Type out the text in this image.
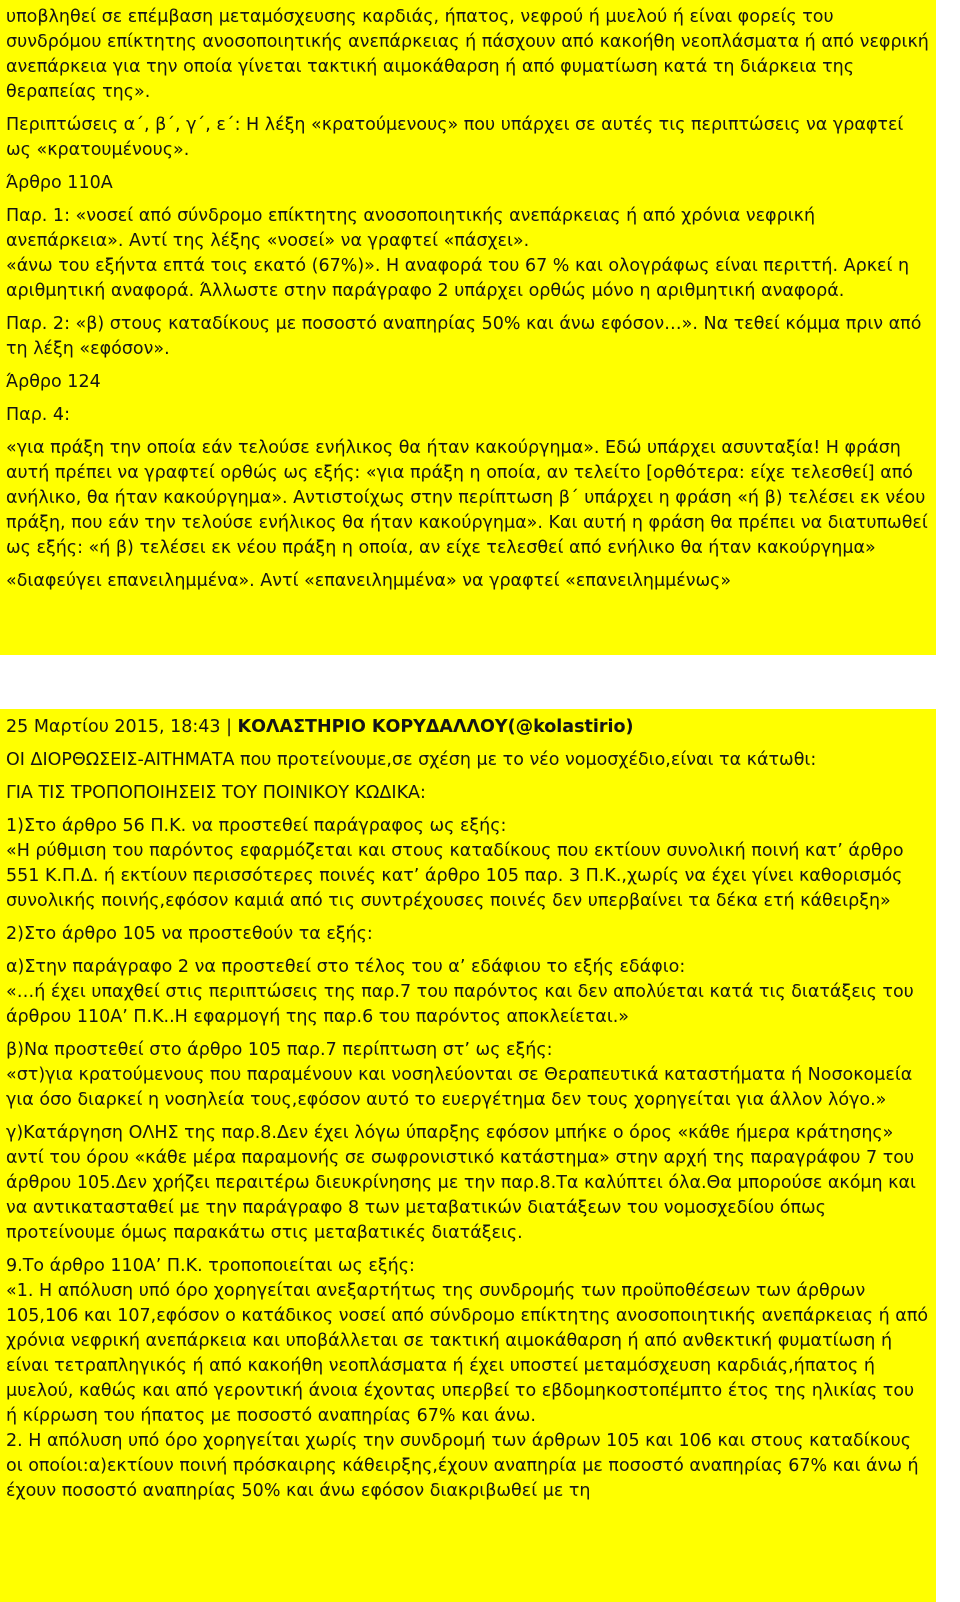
υποβληθεί σε επέμβαση μεταμόσχευσης καρδιάς, ήπατος, νεφρού ή μυελού ή είναι φορείς του συνδρόμου επίκτητης ανοσοποιητικής ανεπάρκειας ή πάσχουν από κακοήθη νεοπλάσματα ή από νεφρική ανεπάρκεια για την οποία γίνεται τακτική αιμοκάθαρση ή από φυματίωση κατά τη διάρκεια της θεραπείας της».

Περιπτώσεις α΄, β΄, γ΄, ε΄: Η λέξη «κρατούμενους» που υπάρχει σε αυτές τις περιπτώσεις να γραφτεί ως «κρατουμένους».

Άρθρο 110Α

Παρ. 1: «νοσεί από σύνδρομο επίκτητης ανοσοποιητικής ανεπάρκειας ή από χρόνια νεφρική ανεπάρκεια». Αντί της λέξης «νοσεί» να γραφτεί «πάσχει».

«άνω του εξήντα επτά τοις εκατό (67%)». Η αναφορά του 67 % και ολογράφως είναι περιττή. Αρκεί η αριθμητική αναφορά. Άλλωστε στην παράγραφο 2 υπάρχει ορθώς μόνο η αριθμητική αναφορά.

Παρ. 2: «β) στους καταδίκους με ποσοστό αναπηρίας 50% και άνω εφόσον…». Να τεθεί κόμμα πριν από τη λέξη «εφόσον».

Άρθρο 124

Παρ. 4:

«για πράξη την οποία εάν τελούσε ενήλικος θα ήταν κακούργημα». Εδώ υπάρχει ασυνταξία! Η φράση αυτή πρέπει να γραφτεί ορθώς ως εξής: «για πράξη η οποία, αν τελείτο [ορθότερα: είχε τελεσθεί] από ανήλικο, θα ήταν κακούργημα». Αντιστοίχως στην περίπτωση β΄ υπάρχει η φράση «ή β) τελέσει εκ νέου πράξη, που εάν την τελούσε ενήλικος θα ήταν κακούργημα». Και αυτή η φράση θα πρέπει να διατυπωθεί ως εξής: «ή β) τελέσει εκ νέου πράξη η οποία, αν είχε τελεσθεί από ενήλικο θα ήταν κακούργημα»

«διαφεύγει επανειλημμένα». Αντί «επανειλημμένα» να γραφτεί «επανειλημμένως»

25 Μαρτίου 2015, 18:43 | ΚΟΛΑΣΤΗΡΙΟ ΚΟΡΥΔΑΛΛΟΥ(@kolastirio)

ΟΙ ΔΙΟΡΘΩΣΕΙΣ-ΑΙΤΗΜΑΤΑ που προτείνουμε,σε σχέση με το νέο νομοσχέδιο,είναι τα κάτωθι:

ΓΙΑ ΤΙΣ ΤΡΟΠΟΠΟΙΗΣΕΙΣ ΤΟΥ ΠΟΙΝΙΚΟΥ ΚΩΔΙΚΑ:

1)Στο άρθρο 56 Π.Κ. να προστεθεί παράγραφος ως εξής:

«Η ρύθμιση του παρόντος εφαρμόζεται και στους καταδίκους που εκτίουν συνολική ποινή κατ’ άρθρο 551 Κ.Π.Δ. ή εκτίουν περισσότερες ποινές κατ’ άρθρο 105 παρ. 3 Π.Κ.,χωρίς να έχει γίνει καθορισμός συνολικής ποινής,εφόσον καμιά από τις συντρέχουσες ποινές δεν υπερβαίνει τα δέκα ετή κάθειρξη»

2)Στο άρθρο 105 να προστεθούν τα εξής:

α)Στην παράγραφο 2 να προστεθεί στο τέλος του α’ εδάφιου το εξής εδάφιο:

«…ή έχει υπαχθεί στις περιπτώσεις της παρ.7 του παρόντος και δεν απολύεται κατά τις διατάξεις του άρθρου 110Α’ Π.Κ..Η εφαρμογή της παρ.6 του παρόντος αποκλείεται.»

β)Να προστεθεί στο άρθρο 105 παρ.7 περίπτωση στ’ ως εξής:

«στ)για κρατούμενους που παραμένουν και νοσηλεύονται σε Θεραπευτικά καταστήματα ή Νοσοκομεία για όσο διαρκεί η νοσηλεία τους,εφόσον αυτό το ευεργέτημα δεν τους χορηγείται για άλλον λόγο.»

γ)Κατάργηση ΟΛΗΣ της παρ.8.Δεν έχει λόγω ύπαρξης εφόσον μπήκε ο όρος «κάθε ήμερα κράτησης» αντί του όρου «κάθε μέρα παραμονής σε σωφρονιστικό κατάστημα» στην αρχή της παραγράφου 7 του άρθρου 105.Δεν χρήζει περαιτέρω διευκρίνησης με την παρ.8.Τα καλύπτει όλα.Θα μπορούσε ακόμη και να αντικατασταθεί με την παράγραφο 8 των μεταβατικών διατάξεων του νομοσχεδίου όπως προτείνουμε όμως παρακάτω στις μεταβατικές διατάξεις.

9.Το άρθρο 110Α’ Π.Κ. τροποποιείται ως εξής:

«1. Η απόλυση υπό όρο χορηγείται ανεξαρτήτως της συνδρομής των προϋποθέσεων των άρθρων 105,106 και 107,εφόσον ο κατάδικος νοσεί από σύνδρομο επίκτητης ανοσοποιητικής ανεπάρκειας ή από χρόνια νεφρική ανεπάρκεια και υποβάλλεται σε τακτική αιμοκάθαρση ή από ανθεκτική φυματίωση ή είναι τετραπληγικός ή από κακοήθη νεοπλάσματα ή έχει υποστεί μεταμόσχευση καρδιάς,ήπατος ή μυελού, καθώς και από γεροντική άνοια έχοντας υπερβεί το εβδομηκοστοπέμπτο έτος της ηλικίας του ή κίρρωση του ήπατος με ποσοστό αναπηρίας 67% και άνω.

2. Η απόλυση υπό όρο χορηγείται χωρίς την συνδρομή των άρθρων 105 και 106 και στους καταδίκους οι οποίοι:α)εκτίουν ποινή πρόσκαιρης κάθειρξης,έχουν αναπηρία με ποσοστό αναπηρίας 67% και άνω ή έχουν ποσοστό αναπηρίας 50% και άνω εφόσον διακριβωθεί με τη
